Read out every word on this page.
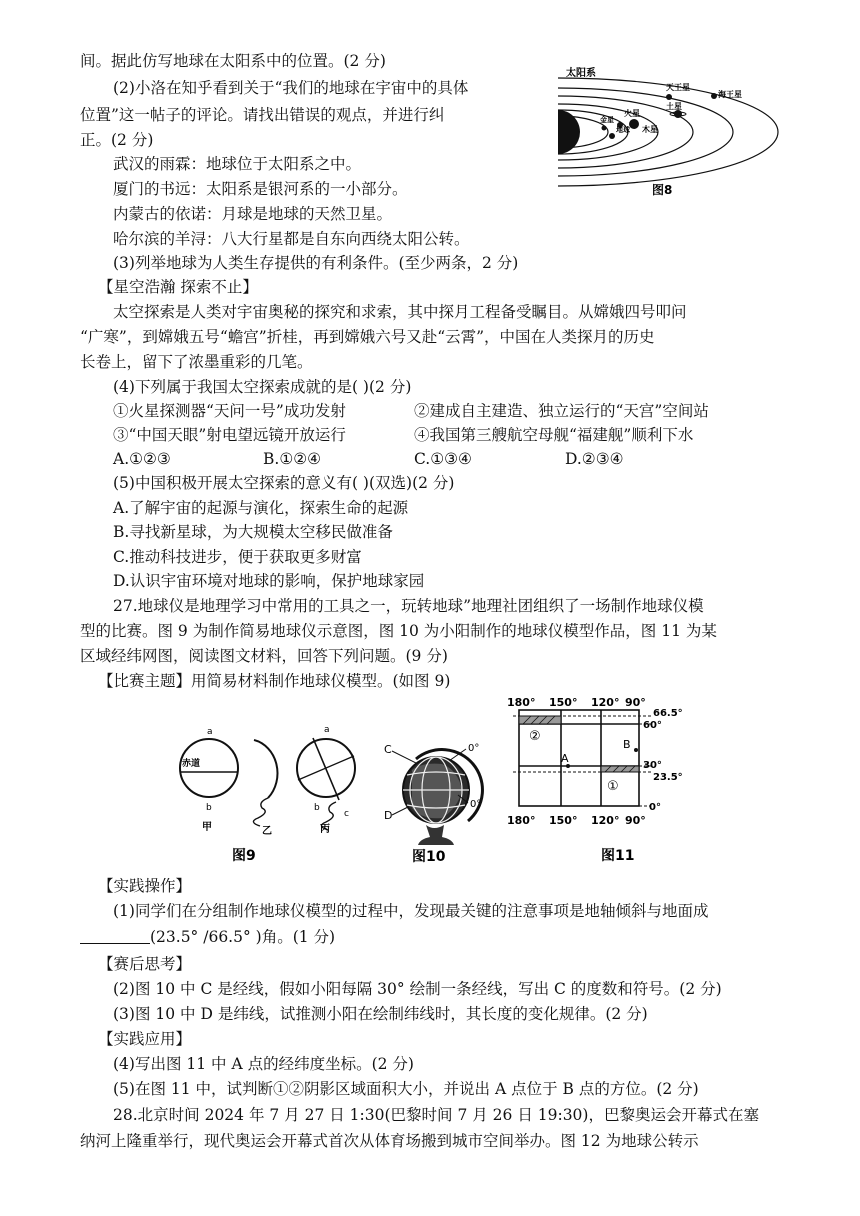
间。据此仿写地球在太阳系中的位置。(2 分)
(2)小洛在知乎看到关于“我们的地球在宇宙中的具体
位置”这一帖子的评论。请找出错误的观点，并进行纠
正。(2 分)
武汉的雨霖：地球位于太阳系之中。
厦门的书远：太阳系是银河系的一小部分。
内蒙古的依诺：月球是地球的天然卫星。
哈尔滨的羊浔：八大行星都是自东向西绕太阳公转。
(3)列举地球为人类生存提供的有利条件。(至少两条，2 分)
【星空浩瀚 探索不止】
太空探索是人类对宇宙奥秘的探究和求索，其中探月工程备受瞩目。从嫦娥四号叩问
“广寒”，到嫦娥五号“蟾宫”折桂，再到嫦娥六号又赴“云霄”，中国在人类探月的历史
长卷上，留下了浓墨重彩的几笔。
(4)下列属于我国太空探索成就的是( )(2 分)
①火星探测器“天问一号”成功发射	②建成自主建造、独立运行的“天宫”空间站
③“中国天眼”射电望远镜开放运行	④我国第三艘航空母舰“福建舰”顺利下水
A.①②③	B.①②④	C.①③④	D.②③④
(5)中国积极开展太空探索的意义有( )(双选)(2 分)
A.了解宇宙的起源与演化，探索生命的起源
B.寻找新星球，为大规模太空移民做准备
C.推动科技进步，便于获取更多财富
D.认识宇宙环境对地球的影响，保护地球家园
27.地球仪是地理学习中常用的工具之一，玩转地球”地理社团组织了一场制作地球仪模
型的比赛。图 9 为制作简易地球仪示意图，图 10 为小阳制作的地球仪模型作品，图 11 为某
区域经纬网图，阅读图文材料，回答下列问题。(9 分)
【比赛主题】用简易材料制作地球仪模型。(如图 9)
【实践操作】
(1)同学们在分组制作地球仪模型的过程中，发现最关键的注意事项是地轴倾斜与地面成
(23.5° /66.5° )角。(1 分)
【赛后思考】
(2)图 10 中 C 是经线，假如小阳每隔 30° 绘制一条经线，写出 C 的度数和符号。(2 分)
(3)图 10 中 D 是纬线，试推测小阳在绘制纬线时，其长度的变化规律。(2 分)
【实践应用】
(4)写出图 11 中 A 点的经纬度坐标。(2 分)
(5)在图 11 中，试判断①②阴影区域面积大小，并说出 A 点位于 B 点的方位。(2 分)
28.北京时间 2024 年 7 月 27 日 1:30(巴黎时间 7 月 26 日 19:30)，巴黎奥运会开幕式在塞
纳河上隆重举行，现代奥运会开幕式首次从体育场搬到城市空间举办。图 12 为地球公转示
太阳系
海王星
天王星
土星
火星
木星
金星
地球
图8
a
赤道
b
甲	乙
a
b
c
丙
图9
C	0°
D
0°
图10
180° 150° 120° 90°
②
①
A
B
66.5°
60°
30°
23.5°
0°
180° 150° 120° 90°
图11
